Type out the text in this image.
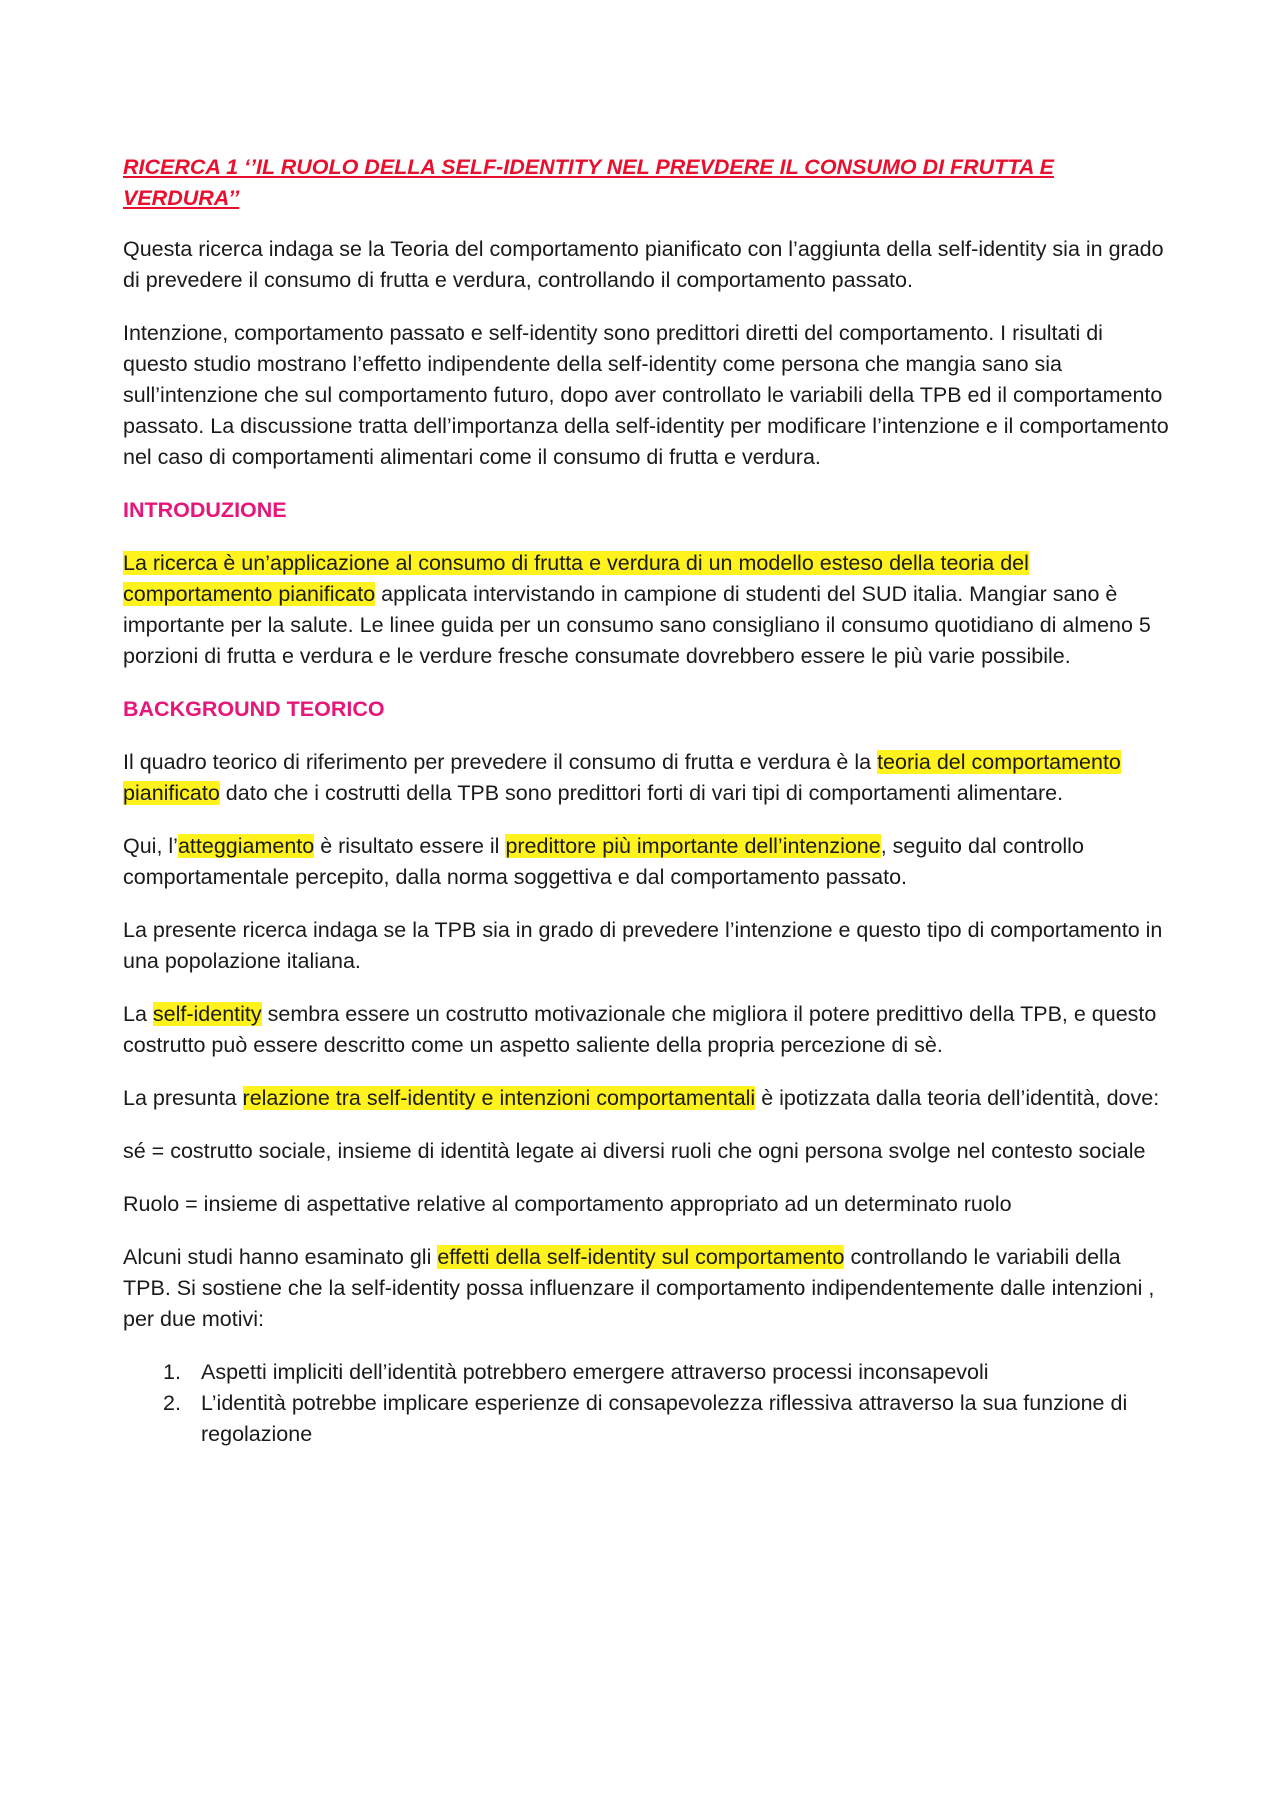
RICERCA 1 ‘’IL RUOLO DELLA SELF-IDENTITY NEL PREVDERE IL CONSUMO DI FRUTTA E VERDURA’’

Questa ricerca indaga se la Teoria del comportamento pianificato con l’aggiunta della self-identity sia in grado di prevedere il consumo di frutta e verdura, controllando il comportamento passato.

Intenzione, comportamento passato e self-identity sono predittori diretti del comportamento. I risultati di questo studio mostrano l’effetto indipendente della self-identity come persona che mangia sano sia sull’intenzione che sul comportamento futuro, dopo aver controllato le variabili della TPB ed il comportamento passato. La discussione tratta dell’importanza della self-identity per modificare l’intenzione e il comportamento nel caso di comportamenti alimentari come il consumo di frutta e verdura.

INTRODUZIONE

La ricerca è un’applicazione al consumo di frutta e verdura di un modello esteso della teoria del comportamento pianificato applicata intervistando in campione di studenti del SUD italia. Mangiar sano è importante per la salute. Le linee guida per un consumo sano consigliano il consumo quotidiano di almeno 5 porzioni di frutta e verdura e le verdure fresche consumate dovrebbero essere le più varie possibile.

BACKGROUND TEORICO

Il quadro teorico di riferimento per prevedere il consumo di frutta e verdura è la teoria del comportamento pianificato dato che i costrutti della TPB sono predittori forti di vari tipi di comportamenti alimentare.

Qui, l’atteggiamento è risultato essere il predittore più importante dell’intenzione, seguito dal controllo comportamentale percepito, dalla norma soggettiva e dal comportamento passato.

La presente ricerca indaga se la TPB sia in grado di prevedere l’intenzione e questo tipo di comportamento in una popolazione italiana.

La self-identity sembra essere un costrutto motivazionale che migliora il potere predittivo della TPB, e questo costrutto può essere descritto come un aspetto saliente della propria percezione di sè.

La presunta relazione tra self-identity e intenzioni comportamentali è ipotizzata dalla teoria dell’identità, dove:

sé = costrutto sociale, insieme di identità legate ai diversi ruoli che ogni persona svolge nel contesto sociale

Ruolo = insieme di aspettative relative al comportamento appropriato ad un determinato ruolo

Alcuni studi hanno esaminato gli effetti della self-identity sul comportamento controllando le variabili della TPB. Si sostiene che la self-identity possa influenzare il comportamento indipendentemente dalle intenzioni , per due motivi:

1. Aspetti impliciti dell’identità potrebbero emergere attraverso processi inconsapevoli
2. L’identità potrebbe implicare esperienze di consapevolezza riflessiva attraverso la sua funzione di regolazione
